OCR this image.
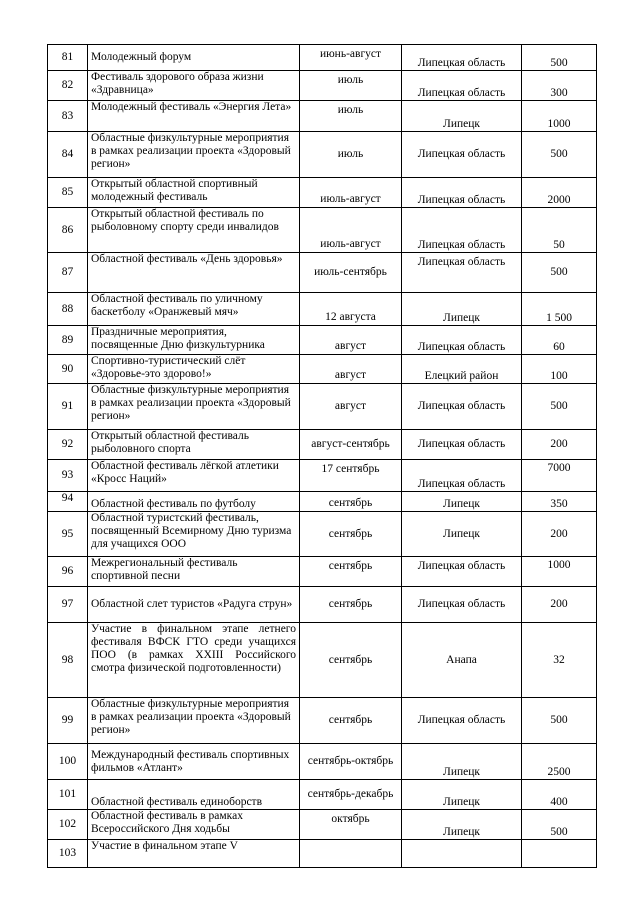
81	Молодежный форум	июнь-август	Липецкая область	500
82	Фестиваль здорового образа жизни «Здравница»	июль	Липецкая область	300
83	Молодежный фестиваль «Энергия Лета»	июль	Липецк	1000
84	Областные физкультурные мероприятия в рамках реализации проекта «Здоровый регион»	июль	Липецкая область	500
85	Открытый областной спортивный молодежный фестиваль	июль-август	Липецкая область	2000
86	Открытый областной фестиваль по рыболовному спорту среди инвалидов	июль-август	Липецкая область	50
87	Областной фестиваль «День здоровья»	июль-сентябрь	Липецкая область	500
88	Областной фестиваль по уличному баскетболу «Оранжевый мяч»	12 августа	Липецк	1 500
89	Праздничные мероприятия, посвященные Дню физкультурника	август	Липецкая область	60
90	Спортивно-туристический слёт «Здоровье-это здорово!»	август	Елецкий район	100
91	Областные физкультурные мероприятия в рамках реализации проекта «Здоровый регион»	август	Липецкая область	500
92	Открытый областной фестиваль рыболовного спорта	август-сентябрь	Липецкая область	200
93	Областной фестиваль лёгкой атлетики «Кросс Наций»	17 сентябрь	Липецкая область	7000
94	Областной фестиваль по футболу	сентябрь	Липецк	350
95	Областной туристский фестиваль, посвященный Всемирному Дню туризма для учащихся ООО	сентябрь	Липецк	200
96	Межрегиональный фестиваль спортивной песни	сентябрь	Липецкая область	1000
97	Областной слет туристов «Радуга струн»	сентябрь	Липецкая область	200
98	Участие в финальном этапе летнего фестиваля ВФСК ГТО среди учащихся ПОО (в рамках XXIII Российского смотра физической подготовленности)	сентябрь	Анапа	32
99	Областные физкультурные мероприятия в рамках реализации проекта «Здоровый регион»	сентябрь	Липецкая область	500
100	Международный фестиваль спортивных фильмов «Атлант»	сентябрь-октябрь	Липецк	2500
101	Областной фестиваль единоборств	сентябрь-декабрь	Липецк	400
102	Областной фестиваль в рамках Всероссийского Дня ходьбы	октябрь	Липецк	500
103	Участие в финальном этапе V			
